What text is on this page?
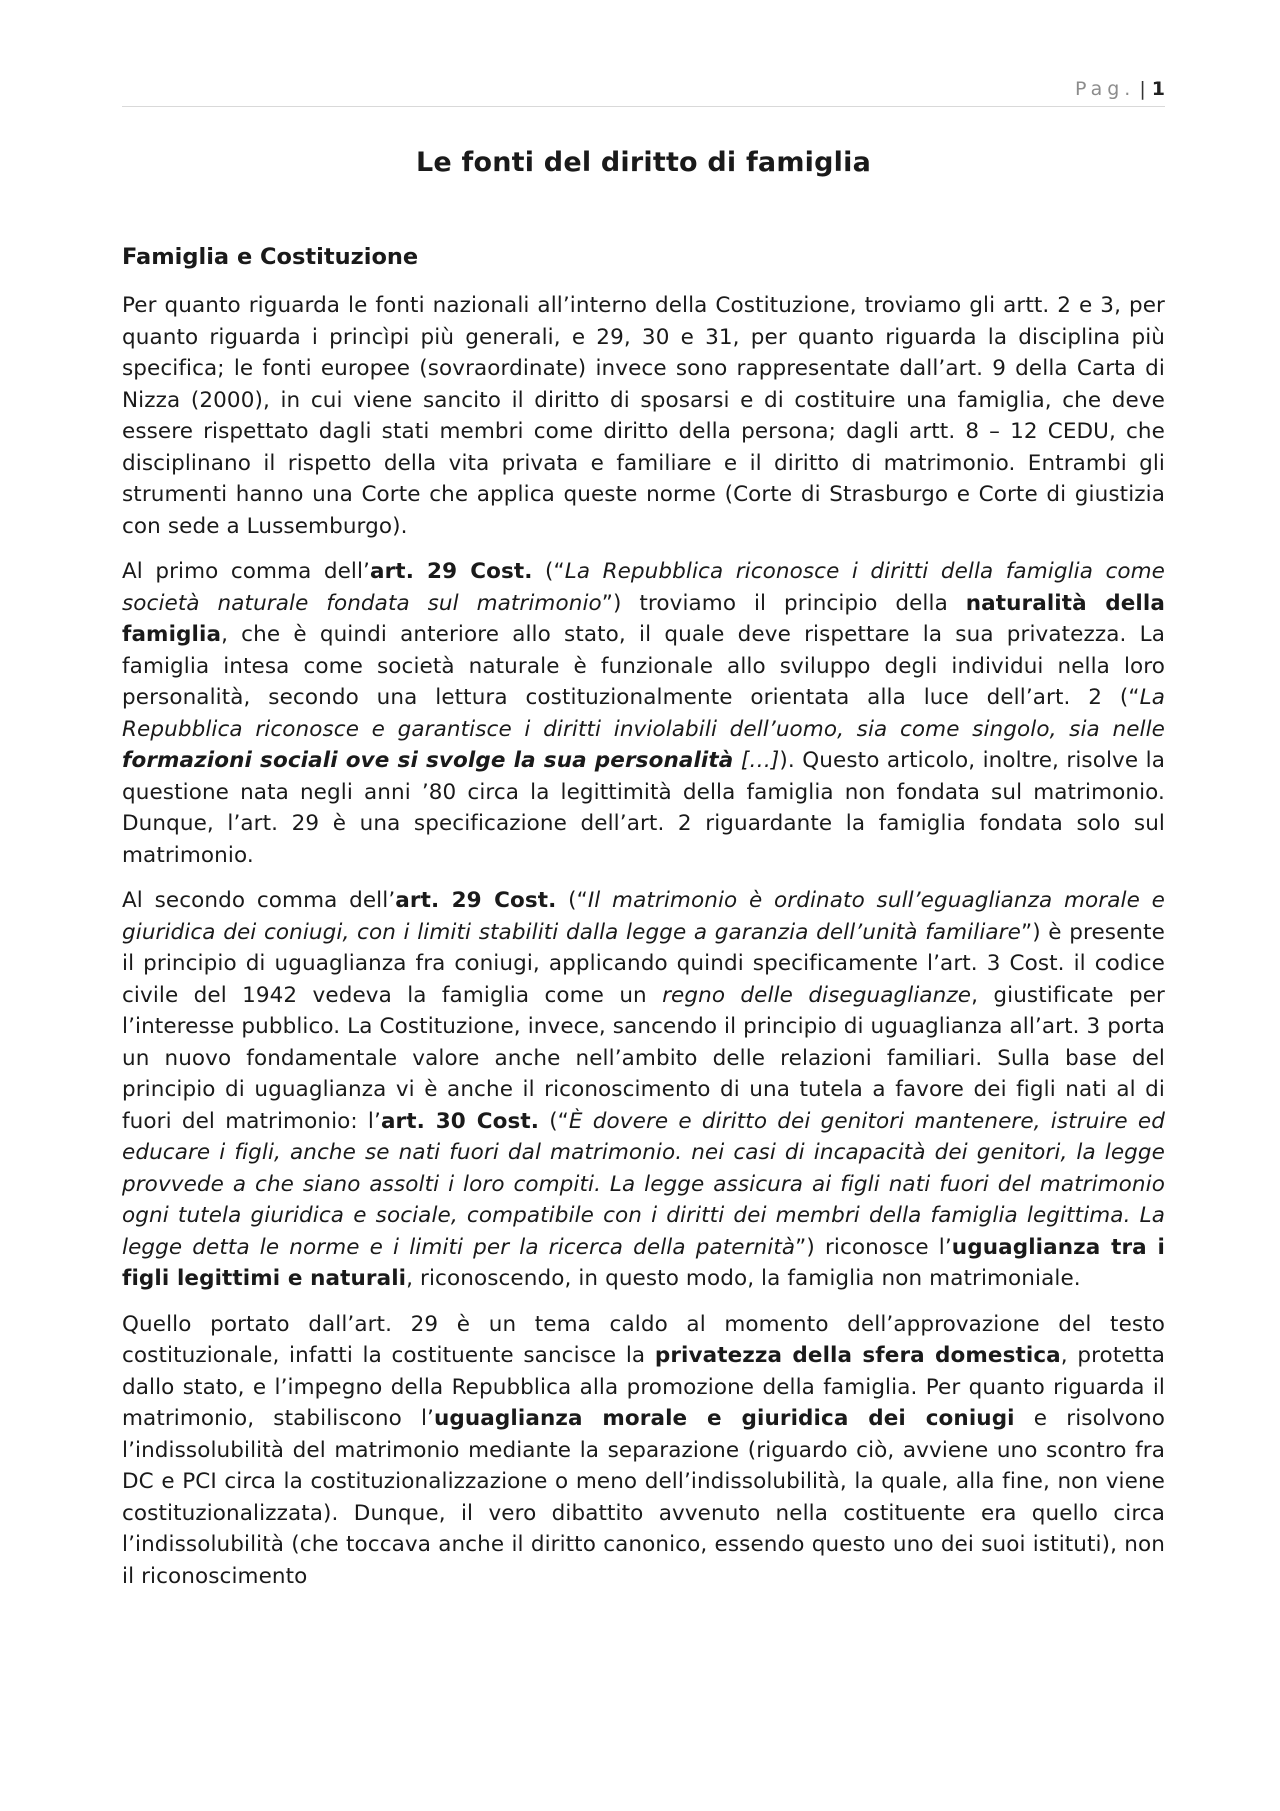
Pag. | 1
Le fonti del diritto di famiglia
Famiglia e Costituzione

Per quanto riguarda le fonti nazionali all’interno della Costituzione, troviamo gli artt. 2 e 3, per quanto riguarda i princìpi più generali, e 29, 30 e 31, per quanto riguarda la disciplina più specifica; le fonti europee (sovraordinate) invece sono rappresentate dall’art. 9 della Carta di Nizza (2000), in cui viene sancito il diritto di sposarsi e di costituire una famiglia, che deve essere rispettato dagli stati membri come diritto della persona; dagli artt. 8 – 12 CEDU, che disciplinano il rispetto della vita privata e familiare e il diritto di matrimonio. Entrambi gli strumenti hanno una Corte che applica queste norme (Corte di Strasburgo e Corte di giustizia con sede a Lussemburgo).

Al primo comma dell’art. 29 Cost. (“La Repubblica riconosce i diritti della famiglia come società naturale fondata sul matrimonio”) troviamo il principio della naturalità della famiglia, che è quindi anteriore allo stato, il quale deve rispettare la sua privatezza. La famiglia intesa come società naturale è funzionale allo sviluppo degli individui nella loro personalità, secondo una lettura costituzionalmente orientata alla luce dell’art. 2 (“La Repubblica riconosce e garantisce i diritti inviolabili dell’uomo, sia come singolo, sia nelle formazioni sociali ove si svolge la sua personalità […]). Questo articolo, inoltre, risolve la questione nata negli anni ’80 circa la legittimità della famiglia non fondata sul matrimonio. Dunque, l’art. 29 è una specificazione dell’art. 2 riguardante la famiglia fondata solo sul matrimonio.

Al secondo comma dell’art. 29 Cost. (“Il matrimonio è ordinato sull’eguaglianza morale e giuridica dei coniugi, con i limiti stabiliti dalla legge a garanzia dell’unità familiare”) è presente il principio di uguaglianza fra coniugi, applicando quindi specificamente l’art. 3 Cost. il codice civile del 1942 vedeva la famiglia come un regno delle diseguaglianze, giustificate per l’interesse pubblico. La Costituzione, invece, sancendo il principio di uguaglianza all’art. 3 porta un nuovo fondamentale valore anche nell’ambito delle relazioni familiari. Sulla base del principio di uguaglianza vi è anche il riconoscimento di una tutela a favore dei figli nati al di fuori del matrimonio: l’art. 30 Cost. (“È dovere e diritto dei genitori mantenere, istruire ed educare i figli, anche se nati fuori dal matrimonio. nei casi di incapacità dei genitori, la legge provvede a che siano assolti i loro compiti. La legge assicura ai figli nati fuori del matrimonio ogni tutela giuridica e sociale, compatibile con i diritti dei membri della famiglia legittima. La legge detta le norme e i limiti per la ricerca della paternità”) riconosce l’uguaglianza tra i figli legittimi e naturali, riconoscendo, in questo modo, la famiglia non matrimoniale.

Quello portato dall’art. 29 è un tema caldo al momento dell’approvazione del testo costituzionale, infatti la costituente sancisce la privatezza della sfera domestica, protetta dallo stato, e l’impegno della Repubblica alla promozione della famiglia. Per quanto riguarda il matrimonio, stabiliscono l’uguaglianza morale e giuridica dei coniugi e risolvono l’indissolubilità del matrimonio mediante la separazione (riguardo ciò, avviene uno scontro fra DC e PCI circa la costituzionalizzazione o meno dell’indissolubilità, la quale, alla fine, non viene costituzionalizzata). Dunque, il vero dibattito avvenuto nella costituente era quello circa l’indissolubilità (che toccava anche il diritto canonico, essendo questo uno dei suoi istituti), non il riconoscimento
